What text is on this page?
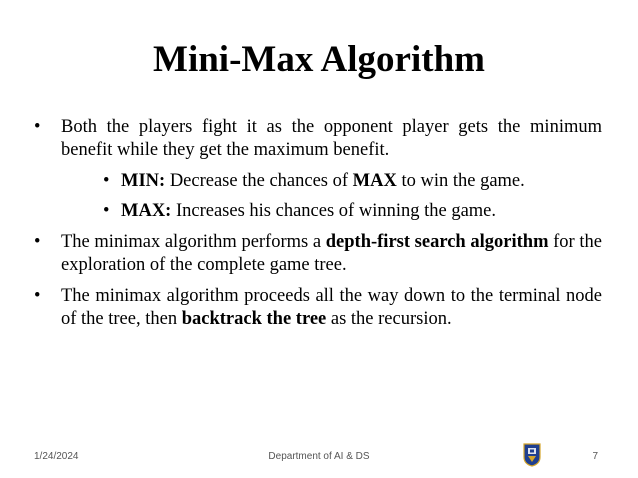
Mini-Max Algorithm
•	Both the players fight it as the opponent player gets the minimum benefit while they get the maximum benefit.
• MIN: Decrease the chances of MAX to win the game.
• MAX: Increases his chances of winning the game.
•	The minimax algorithm performs a depth-first search algorithm for the exploration of the complete game tree.
•	The minimax algorithm proceeds all the way down to the terminal node of the tree, then backtrack the tree as the recursion.
1/24/2024	Department of AI & DS	7
